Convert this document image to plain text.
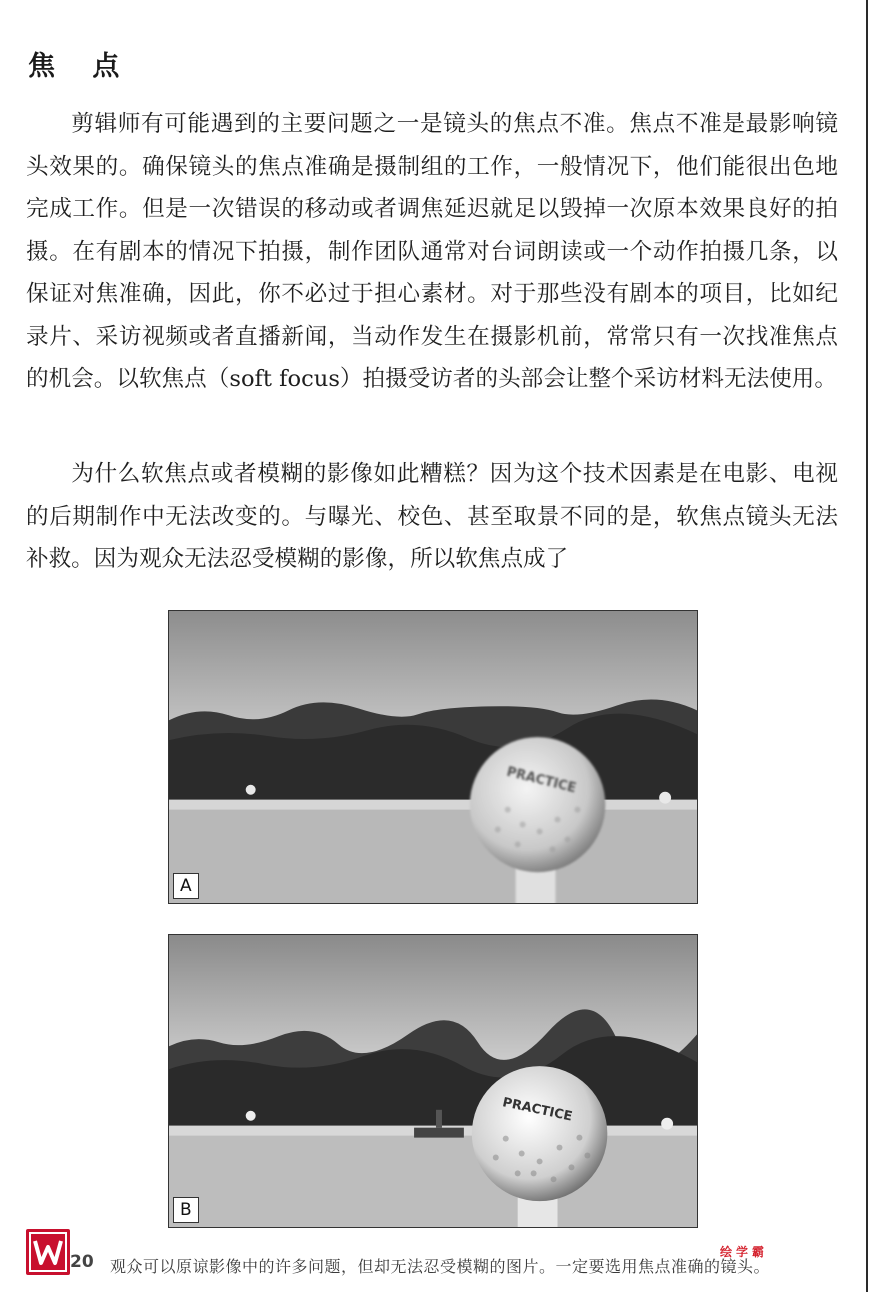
焦 点

剪辑师有可能遇到的主要问题之一是镜头的焦点不准。焦点不准是最影响镜头效果的。确保镜头的焦点准确是摄制组的工作，一般情况下，他们能很出色地完成工作。但是一次错误的移动或者调焦延迟就足以毁掉一次原本效果良好的拍摄。在有剧本的情况下拍摄，制作团队通常对台词朗读或一个动作拍摄几条，以保证对焦准确，因此，你不必过于担心素材。对于那些没有剧本的项目，比如纪录片、采访视频或者直播新闻，当动作发生在摄影机前，常常只有一次找准焦点的机会。以软焦点（soft focus）拍摄受访者的头部会让整个采访材料无法使用。

为什么软焦点或者模糊的影像如此糟糕？因为这个技术因素是在电影、电视的后期制作中无法改变的。与曝光、校色、甚至取景不同的是，软焦点镜头无法补救。因为观众无法忍受模糊的影像，所以软焦点成了

PRACTICE
A
PRACTICE
B
20 观众可以原谅影像中的许多问题，但却无法忍受模糊的图片。一定要选用焦点准确的镜头。
绘学霸
